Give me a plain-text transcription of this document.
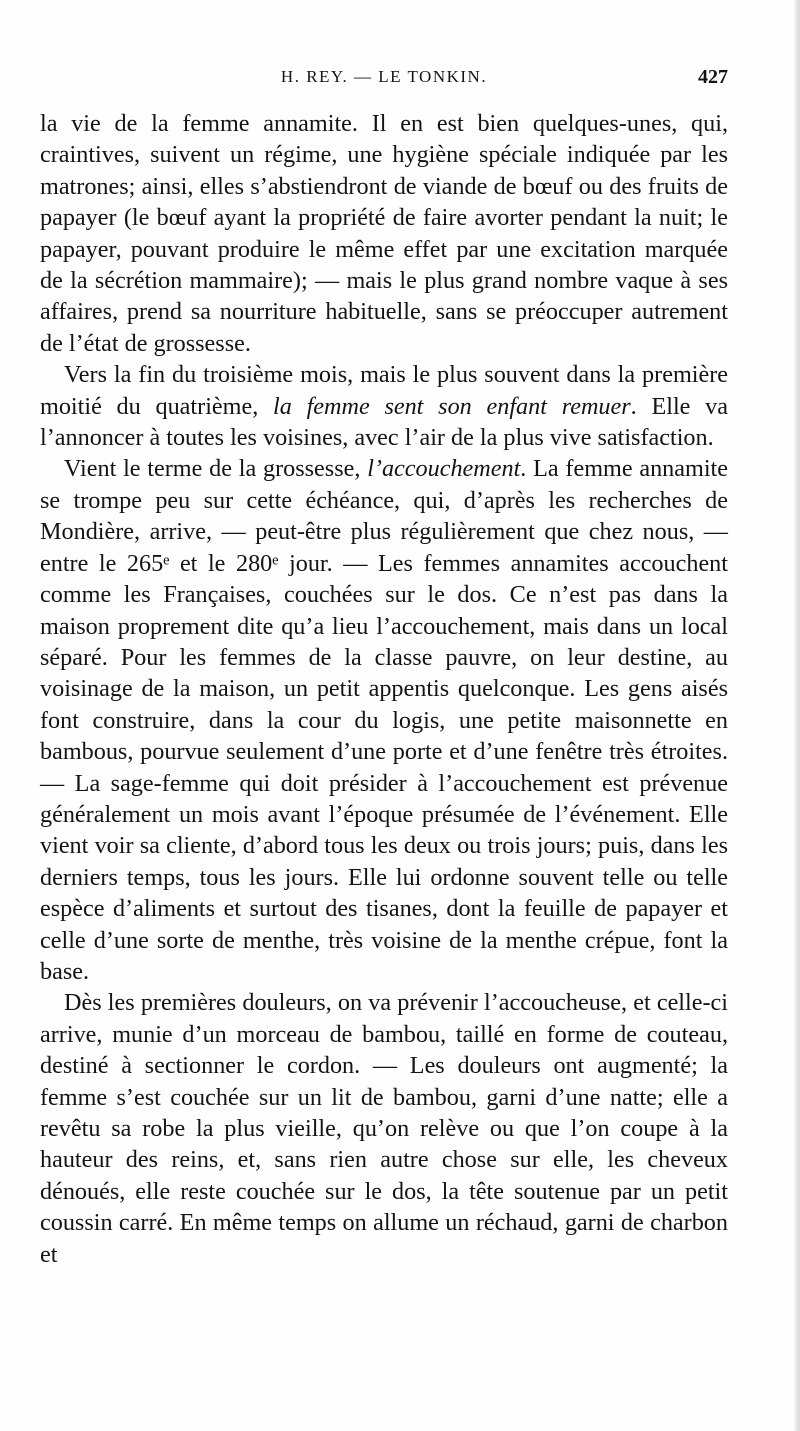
H. REY. — LE TONKIN.	427

la vie de la femme annamite. Il en est bien quelques-unes, qui, craintives, suivent un régime, une hygiène spéciale indiquée par les matrones; ainsi, elles s’abstiendront de viande de bœuf ou des fruits de papayer (le bœuf ayant la propriété de faire avorter pendant la nuit; le papayer, pouvant produire le même effet par une excitation marquée de la sécrétion mammaire); — mais le plus grand nombre vaque à ses affaires, prend sa nourriture habituelle, sans se préoccuper autrement de l’état de grossesse.

Vers la fin du troisième mois, mais le plus souvent dans la première moitié du quatrième, la femme sent son enfant remuer. Elle va l’annoncer à toutes les voisines, avec l’air de la plus vive satisfaction.

Vient le terme de la grossesse, l’accouchement. La femme annamite se trompe peu sur cette échéance, qui, d’après les recherches de Mondière, arrive, — peut-être plus régulièrement que chez nous, — entre le 265ᵉ et le 280ᵉ jour. — Les femmes annamites accouchent comme les Françaises, couchées sur le dos. Ce n’est pas dans la maison proprement dite qu’a lieu l’accouchement, mais dans un local séparé. Pour les femmes de la classe pauvre, on leur destine, au voisinage de la maison, un petit appentis quelconque. Les gens aisés font construire, dans la cour du logis, une petite maisonnette en bambous, pourvue seulement d’une porte et d’une fenêtre très étroites. — La sage-femme qui doit présider à l’accouchement est prévenue généralement un mois avant l’époque présumée de l’événement. Elle vient voir sa cliente, d’abord tous les deux ou trois jours; puis, dans les derniers temps, tous les jours. Elle lui ordonne souvent telle ou telle espèce d’aliments et surtout des tisanes, dont la feuille de papayer et celle d’une sorte de menthe, très voisine de la menthe crépue, font la base.

Dès les premières douleurs, on va prévenir l’accoucheuse, et celle-ci arrive, munie d’un morceau de bambou, taillé en forme de couteau, destiné à sectionner le cordon. — Les douleurs ont augmenté; la femme s’est couchée sur un lit de bambou, garni d’une natte; elle a revêtu sa robe la plus vieille, qu’on relève ou que l’on coupe à la hauteur des reins, et, sans rien autre chose sur elle, les cheveux dénoués, elle reste couchée sur le dos, la tête soutenue par un petit coussin carré. En même temps on allume un réchaud, garni de charbon et
